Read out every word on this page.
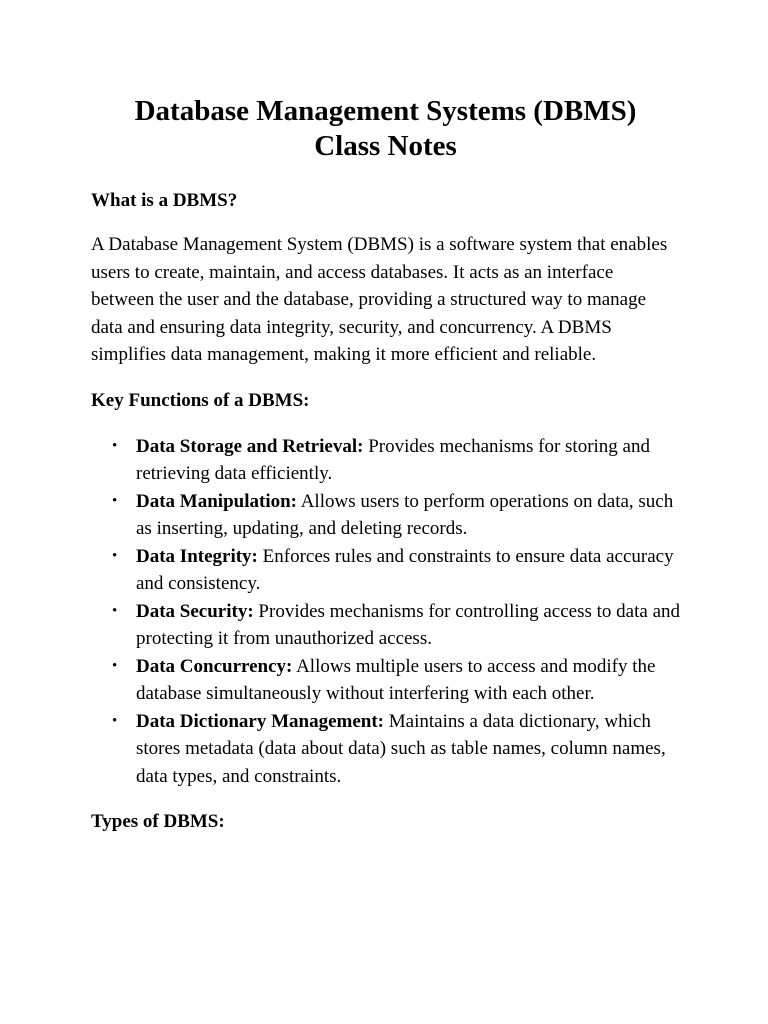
Database Management Systems (DBMS)
Class Notes

What is a DBMS?

A Database Management System (DBMS) is a software system that enables users to create, maintain, and access databases. It acts as an interface between the user and the database, providing a structured way to manage data and ensuring data integrity, security, and concurrency. A DBMS simplifies data management, making it more efficient and reliable.

Key Functions of a DBMS:

• Data Storage and Retrieval: Provides mechanisms for storing and retrieving data efficiently.
• Data Manipulation: Allows users to perform operations on data, such as inserting, updating, and deleting records.
• Data Integrity: Enforces rules and constraints to ensure data accuracy and consistency.
• Data Security: Provides mechanisms for controlling access to data and protecting it from unauthorized access.
• Data Concurrency: Allows multiple users to access and modify the database simultaneously without interfering with each other.
• Data Dictionary Management: Maintains a data dictionary, which stores metadata (data about data) such as table names, column names, data types, and constraints.

Types of DBMS:
